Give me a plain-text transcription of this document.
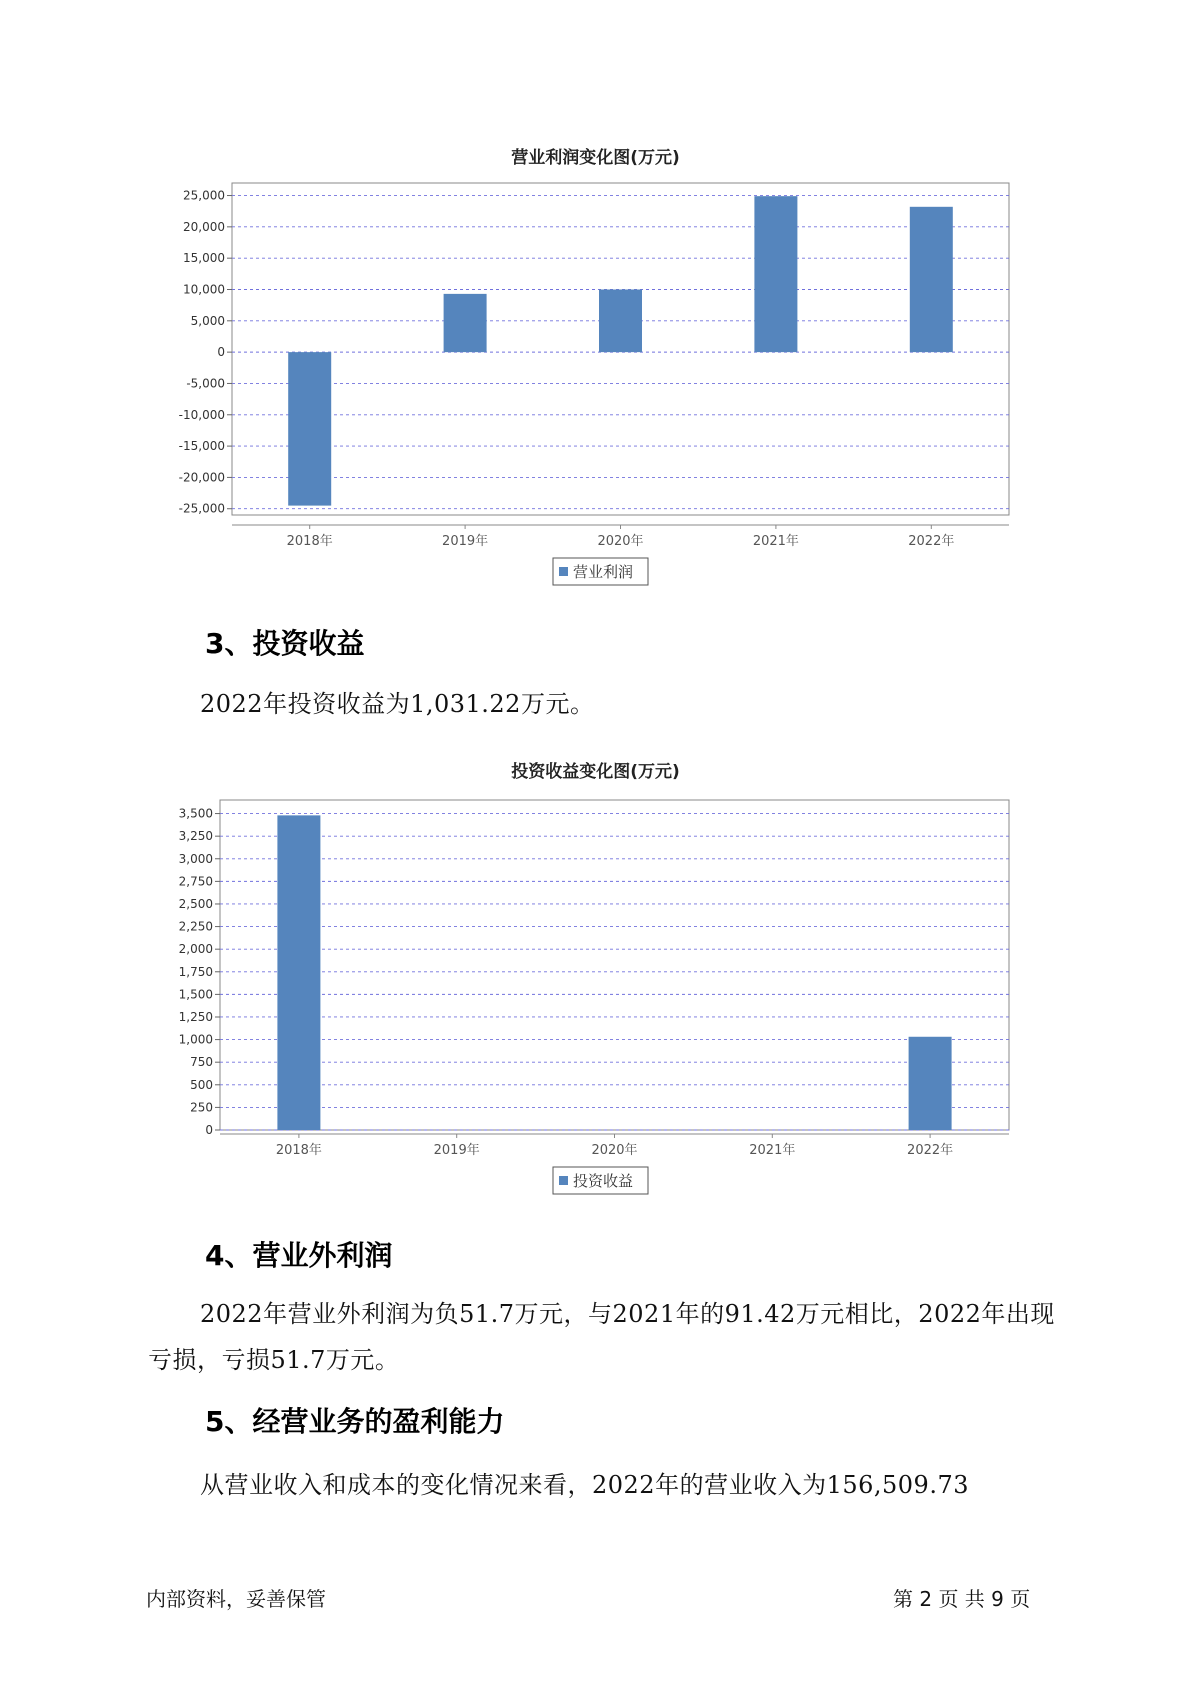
营业利润变化图(万元)
-25,000
-20,000
-15,000
-10,000
-5,000
0
5,000
10,000
15,000
20,000
25,000
2018年	2019年	2020年	2021年	2022年
营业利润
3、投资收益
2022年投资收益为1,031.22万元。
投资收益变化图(万元)
0
250
500
750
1,000
1,250
1,500
1,750
2,000
2,250
2,500
2,750
3,000
3,250
3,500
2018年	2019年	2020年	2021年	2022年
投资收益
4、营业外利润
2022年营业外利润为负51.7万元，与2021年的91.42万元相比，2022年出现亏损，亏损51.7万元。
5、经营业务的盈利能力
从营业收入和成本的变化情况来看，2022年的营业收入为156,509.73
内部资料，妥善保管	第 2 页 共 9 页
